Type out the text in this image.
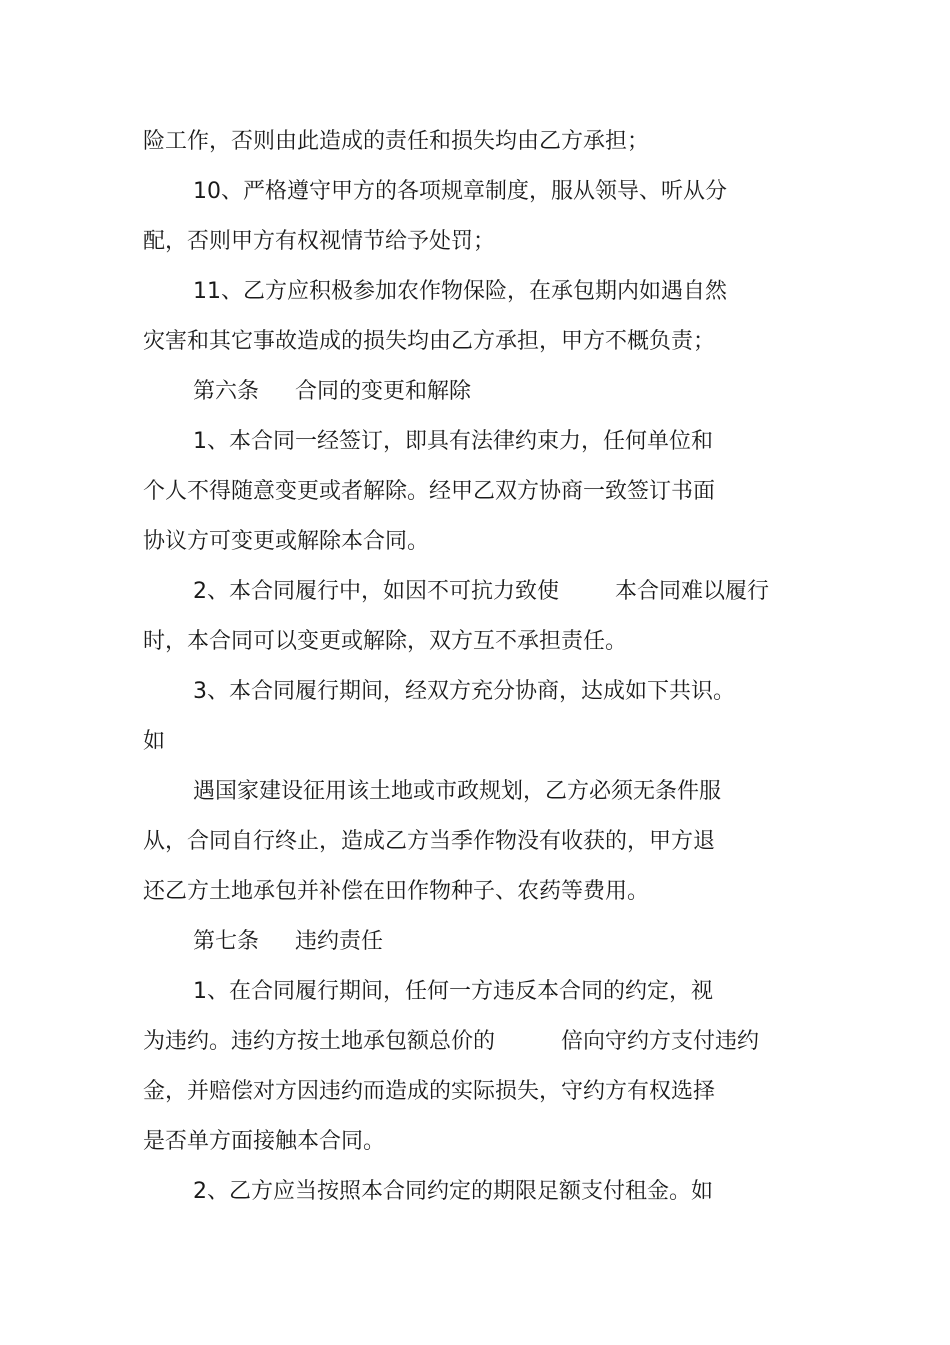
险工作，否则由此造成的责任和损失均由乙方承担；

10、严格遵守甲方的各项规章制度，服从领导、听从分

配，否则甲方有权视情节给予处罚；

11、乙方应积极参加农作物保险，在承包期内如遇自然

灾害和其它事故造成的损失均由乙方承担，甲方不概负责；

第六条 合同的变更和解除

1、本合同一经签订，即具有法律约束力，任何单位和

个人不得随意变更或者解除。经甲乙双方协商一致签订书面

协议方可变更或解除本合同。

2、本合同履行中，如因不可抗力致使	本合同难以履行

时，本合同可以变更或解除，双方互不承担责任。

3、本合同履行期间，经双方充分协商，达成如下共识。

如

遇国家建设征用该土地或市政规划，乙方必须无条件服

从，合同自行终止，造成乙方当季作物没有收获的，甲方退

还乙方土地承包并补偿在田作物种子、农药等费用。

第七条 违约责任

1、在合同履行期间，任何一方违反本合同的约定，视

为违约。违约方按土地承包额总价的	倍向守约方支付违约

金，并赔偿对方因违约而造成的实际损失，守约方有权选择

是否单方面接触本合同。

2、乙方应当按照本合同约定的期限足额支付租金。如
